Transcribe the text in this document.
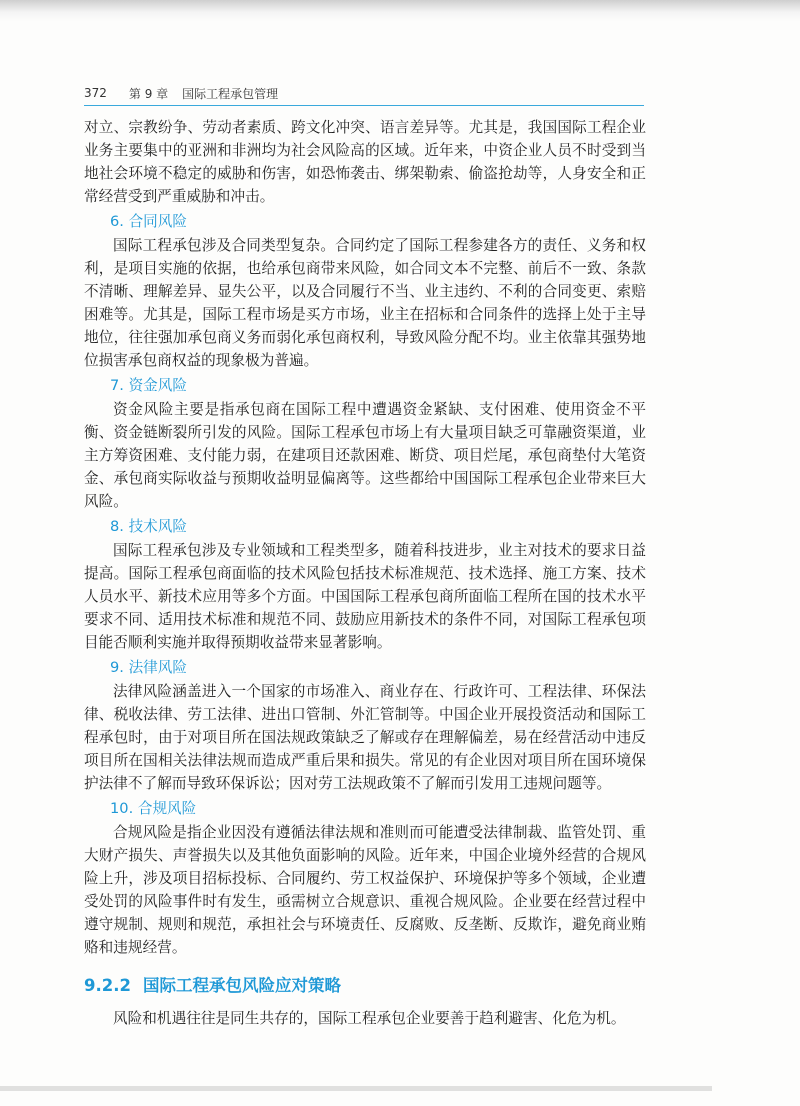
372 第 9 章 国际工程承包管理

对立、宗教纷争、劳动者素质、跨文化冲突、语言差异等。尤其是，我国国际工程企业业务主要集中的亚洲和非洲均为社会风险高的区域。近年来，中资企业人员不时受到当地社会环境不稳定的威胁和伤害，如恐怖袭击、绑架勒索、偷盗抢劫等，人身安全和正常经营受到严重威胁和冲击。

6. 合同风险

国际工程承包涉及合同类型复杂。合同约定了国际工程参建各方的责任、义务和权利，是项目实施的依据，也给承包商带来风险，如合同文本不完整、前后不一致、条款不清晰、理解差异、显失公平，以及合同履行不当、业主违约、不利的合同变更、索赔困难等。尤其是，国际工程市场是买方市场，业主在招标和合同条件的选择上处于主导地位，往往强加承包商义务而弱化承包商权利，导致风险分配不均。业主依靠其强势地位损害承包商权益的现象极为普遍。

7. 资金风险

资金风险主要是指承包商在国际工程中遭遇资金紧缺、支付困难、使用资金不平衡、资金链断裂所引发的风险。国际工程承包市场上有大量项目缺乏可靠融资渠道，业主方筹资困难、支付能力弱，在建项目还款困难、断贷、项目烂尾，承包商垫付大笔资金、承包商实际收益与预期收益明显偏离等。这些都给中国国际工程承包企业带来巨大风险。

8. 技术风险

国际工程承包涉及专业领域和工程类型多，随着科技进步，业主对技术的要求日益提高。国际工程承包商面临的技术风险包括技术标准规范、技术选择、施工方案、技术人员水平、新技术应用等多个方面。中国国际工程承包商所面临工程所在国的技术水平要求不同、适用技术标准和规范不同、鼓励应用新技术的条件不同，对国际工程承包项目能否顺利实施并取得预期收益带来显著影响。

9. 法律风险

法律风险涵盖进入一个国家的市场准入、商业存在、行政许可、工程法律、环保法律、税收法律、劳工法律、进出口管制、外汇管制等。中国企业开展投资活动和国际工程承包时，由于对项目所在国法规政策缺乏了解或存在理解偏差，易在经营活动中违反项目所在国相关法律法规而造成严重后果和损失。常见的有企业因对项目所在国环境保护法律不了解而导致环保诉讼；因对劳工法规政策不了解而引发用工违规问题等。

10. 合规风险

合规风险是指企业因没有遵循法律法规和准则而可能遭受法律制裁、监管处罚、重大财产损失、声誉损失以及其他负面影响的风险。近年来，中国企业境外经营的合规风险上升，涉及项目招标投标、合同履约、劳工权益保护、环境保护等多个领域，企业遭受处罚的风险事件时有发生，亟需树立合规意识、重视合规风险。企业要在经营过程中遵守规制、规则和规范，承担社会与环境责任、反腐败、反垄断、反欺诈，避免商业贿赂和违规经营。

9.2.2 国际工程承包风险应对策略

风险和机遇往往是同生共存的，国际工程承包企业要善于趋利避害、化危为机。
